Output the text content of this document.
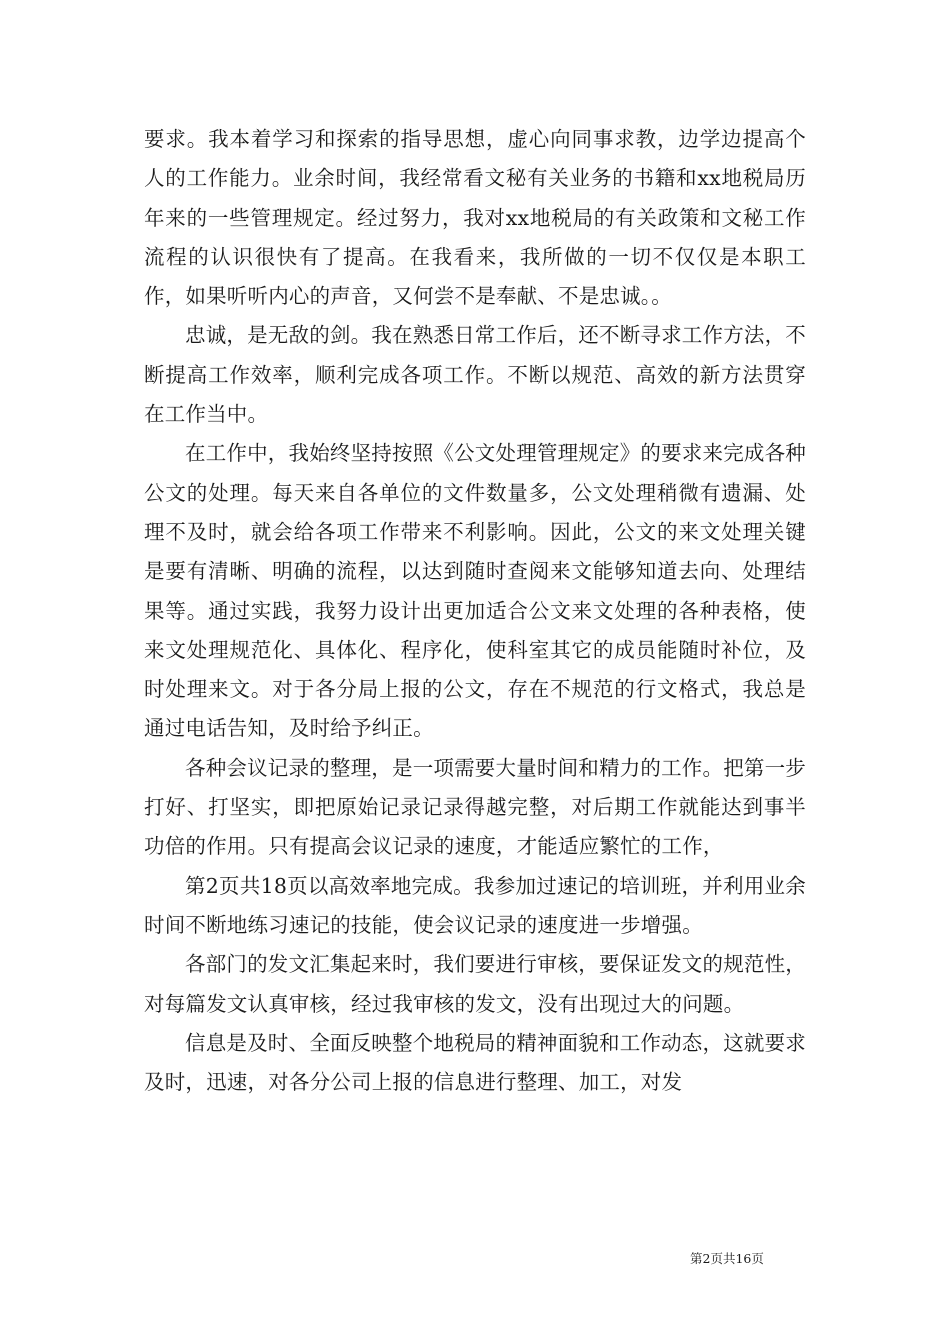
要求。我本着学习和探索的指导思想，虚心向同事求教，边学边提高个人的工作能力。业余时间，我经常看文秘有关业务的书籍和xx地税局历年来的一些管理规定。经过努力，我对xx地税局的有关政策和文秘工作流程的认识很快有了提高。在我看来，我所做的一切不仅仅是本职工作，如果听听内心的声音，又何尝不是奉献、不是忠诚。。

忠诚，是无敌的剑。我在熟悉日常工作后，还不断寻求工作方法，不断提高工作效率，顺利完成各项工作。不断以规范、高效的新方法贯穿在工作当中。

在工作中，我始终坚持按照《公文处理管理规定》的要求来完成各种公文的处理。每天来自各单位的文件数量多，公文处理稍微有遗漏、处理不及时，就会给各项工作带来不利影响。因此，公文的来文处理关键是要有清晰、明确的流程，以达到随时查阅来文能够知道去向、处理结果等。通过实践，我努力设计出更加适合公文来文处理的各种表格，使来文处理规范化、具体化、程序化，使科室其它的成员能随时补位，及时处理来文。对于各分局上报的公文，存在不规范的行文格式，我总是通过电话告知，及时给予纠正。

各种会议记录的整理，是一项需要大量时间和精力的工作。把第一步打好、打坚实，即把原始记录记录得越完整，对后期工作就能达到事半功倍的作用。只有提高会议记录的速度，才能适应繁忙的工作，

第2页共18页以高效率地完成。我参加过速记的培训班，并利用业余时间不断地练习速记的技能，使会议记录的速度进一步增强。

各部门的发文汇集起来时，我们要进行审核，要保证发文的规范性，对每篇发文认真审核，经过我审核的发文，没有出现过大的问题。

信息是及时、全面反映整个地税局的精神面貌和工作动态，这就要求及时，迅速，对各分公司上报的信息进行整理、加工，对发

第2页共16页
